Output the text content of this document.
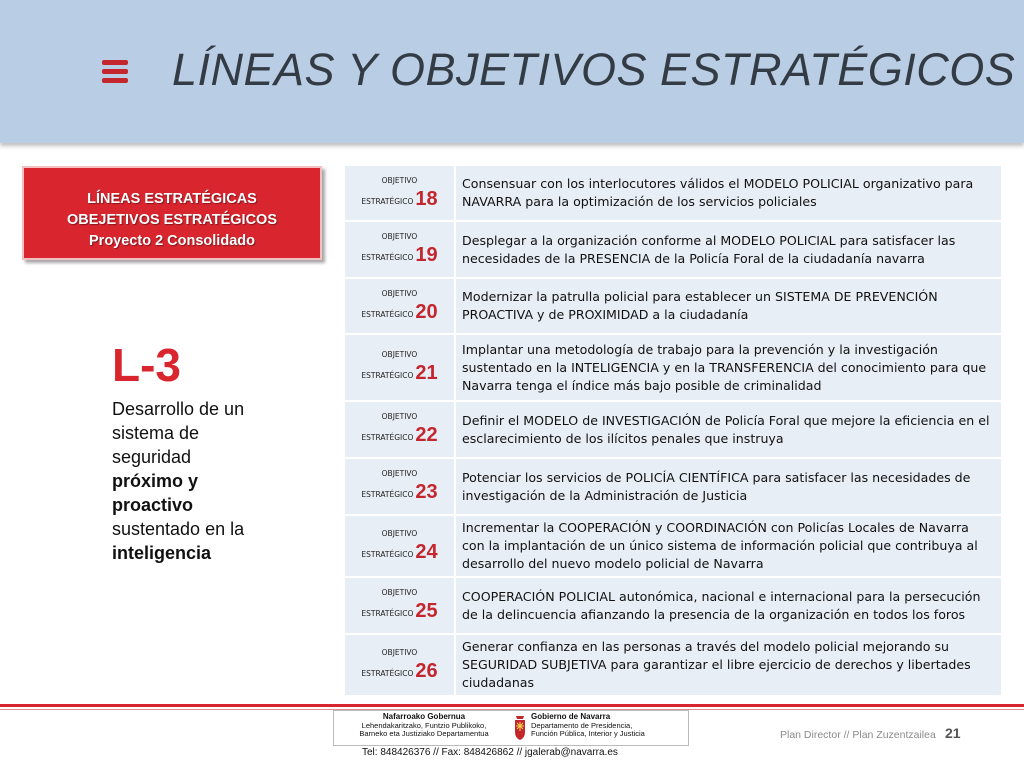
LÍNEAS Y OBJETIVOS ESTRATÉGICOS
LÍNEAS ESTRATÉGICAS
OBEJETIVOS ESTRATÉGICOS
Proyecto 2 Consolidado
L-3
Desarrollo de un sistema de seguridad próximo y proactivo sustentado en la inteligencia
OBJETIVO
ESTRATÉGICO 18	Consensuar con los interlocutores válidos el MODELO POLICIAL organizativo para NAVARRA para la optimización de los servicios policiales

OBJETIVO
ESTRATÉGICO 19	Desplegar a la organización conforme al MODELO POLICIAL para satisfacer las necesidades de la PRESENCIA de la Policía Foral de la ciudadanía navarra

OBJETIVO
ESTRATÉGICO 20	Modernizar la patrulla policial para establecer un SISTEMA DE PREVENCIÓN PROACTIVA y de PROXIMIDAD a la ciudadanía

OBJETIVO
ESTRATÉGICO 21	Implantar una metodología de trabajo para la prevención y la investigación sustentado en la INTELIGENCIA y en la TRANSFERENCIA del conocimiento para que Navarra tenga el índice más bajo posible de criminalidad

OBJETIVO
ESTRATÉGICO 22	Definir el MODELO de INVESTIGACIÓN de Policía Foral que mejore la eficiencia en el esclarecimiento de los ilícitos penales que instruya

OBJETIVO
ESTRATÉGICO 23	Potenciar los servicios de POLICÍA CIENTÍFICA para satisfacer las necesidades de investigación de la Administración de Justicia

OBJETIVO
ESTRATÉGICO 24	Incrementar la COOPERACIÓN y COORDINACIÓN con Policías Locales de Navarra con la implantación de un único sistema de información policial que contribuya al desarrollo del nuevo modelo policial de Navarra

OBJETIVO
ESTRATÉGICO 25	COOPERACIÓN POLICIAL autonómica, nacional e internacional para la persecución de la delincuencia afianzando la presencia de la organización en todos los foros

OBJETIVO
ESTRATÉGICO 26	Generar confianza en las personas a través del modelo policial mejorando su SEGURIDAD SUBJETIVA para garantizar el libre ejercicio de derechos y libertades ciudadanas
Nafarroako Gobernua
Lehendakaritzako, Funtzio Publikoko,
Barneko eta Justiziako Departamentua
Gobierno de Navarra
Departamento de Presidencia,
Función Pública, Interior y Justicia
Tel: 848426376 // Fax: 848426862 // jgalerab@navarra.es
Plan Director // Plan Zuzentzailea 21
